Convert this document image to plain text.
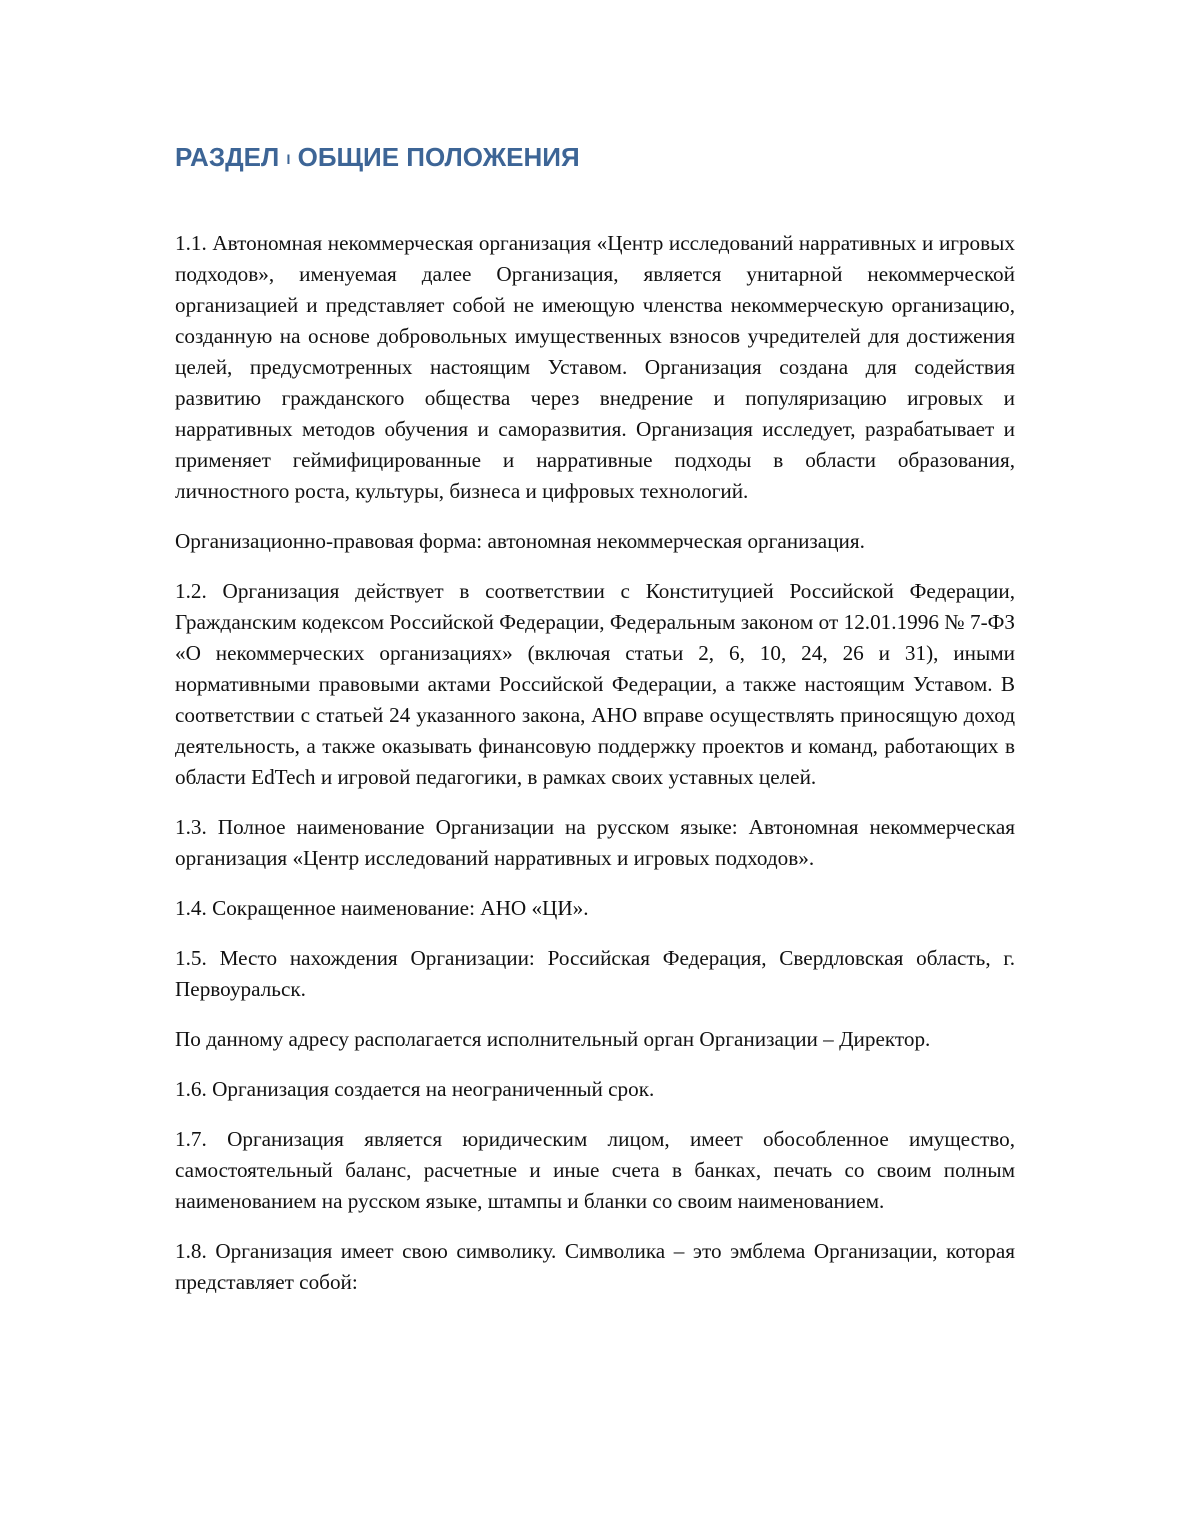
РАЗДЕЛ I ОБЩИЕ ПОЛОЖЕНИЯ

1.1. Автономная некоммерческая организация «Центр исследований нарративных и игровых подходов», именуемая далее Организация, является унитарной некоммерческой организацией и представляет собой не имеющую членства некоммерческую организацию, созданную на основе добровольных имущественных взносов учредителей для достижения целей, предусмотренных настоящим Уставом. Организация создана для содействия развитию гражданского общества через внедрение и популяризацию игровых и нарративных методов обучения и саморазвития. Организация исследует, разрабатывает и применяет геймифицированные и нарративные подходы в области образования, личностного роста, культуры, бизнеса и цифровых технологий.

Организационно-правовая форма: автономная некоммерческая организация.

1.2. Организация действует в соответствии с Конституцией Российской Федерации, Гражданским кодексом Российской Федерации, Федеральным законом от 12.01.1996 № 7-ФЗ «О некоммерческих организациях» (включая статьи 2, 6, 10, 24, 26 и 31), иными нормативными правовыми актами Российской Федерации, а также настоящим Уставом. В соответствии с статьей 24 указанного закона, АНО вправе осуществлять приносящую доход деятельность, а также оказывать финансовую поддержку проектов и команд, работающих в области EdTech и игровой педагогики, в рамках своих уставных целей.

1.3. Полное наименование Организации на русском языке: Автономная некоммерческая организация «Центр исследований нарративных и игровых подходов».

1.4. Сокращенное наименование: АНО «ЦИ».

1.5. Место нахождения Организации: Российская Федерация, Свердловская область, г. Первоуральск.

По данному адресу располагается исполнительный орган Организации – Директор.

1.6. Организация создается на неограниченный срок.

1.7. Организация является юридическим лицом, имеет обособленное имущество, самостоятельный баланс, расчетные и иные счета в банках, печать со своим полным наименованием на русском языке, штампы и бланки со своим наименованием.

1.8. Организация имеет свою символику. Символика – это эмблема Организации, которая представляет собой:
